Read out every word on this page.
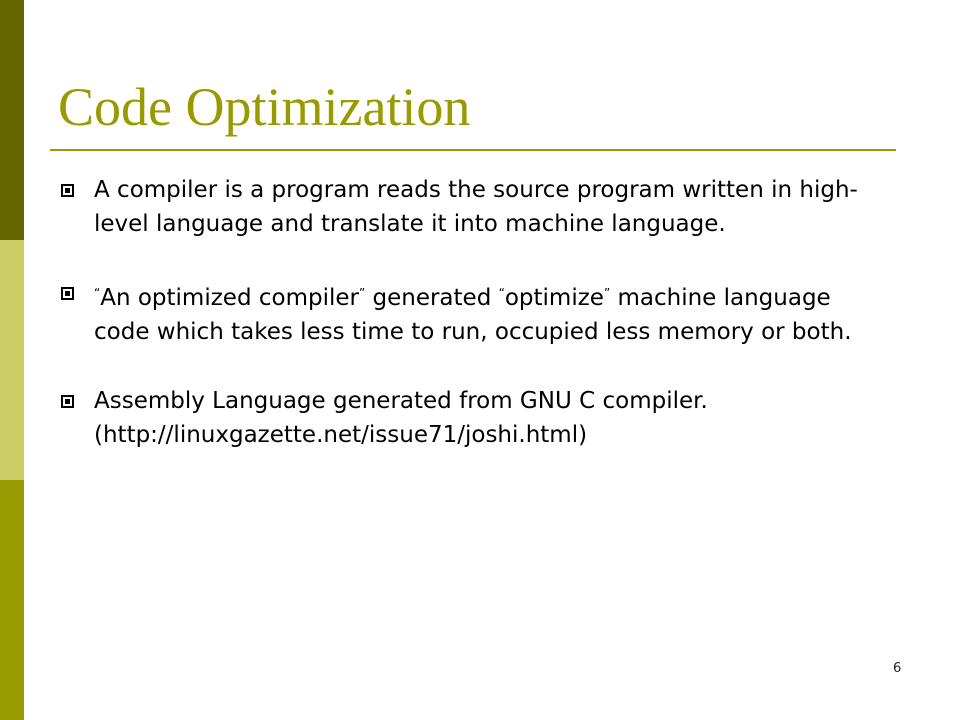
Code Optimization
A compiler is a program reads the source program written in high-level language and translate it into machine language.
“An optimized compiler” generated “optimize” machine language code which takes less time to run, occupied less memory or both.
Assembly Language generated from GNU C compiler.
(http://linuxgazette.net/issue71/joshi.html)
6
